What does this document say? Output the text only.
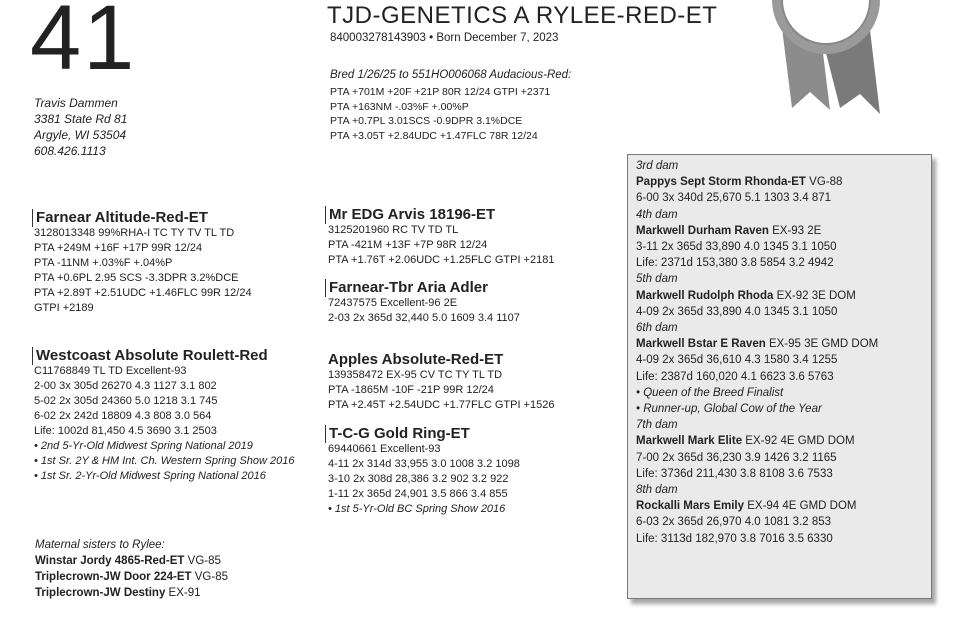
41
Travis Dammen
3381 State Rd 81
Argyle, WI 53504
608.426.1113
TJD-GENETICS A RYLEE-RED-ET
840003278143903 • Born December 7, 2023
Bred 1/26/25 to 551HO006068 Audacious-Red:
PTA +701M +20F +21P 80R 12/24 GTPI +2371
PTA +163NM -.03%F +.00%P
PTA +0.7PL 3.01SCS -0.9DPR 3.1%DCE
PTA +3.05T +2.84UDC +1.47FLC 78R 12/24
Farnear Altitude-Red-ET
3128013348 99%RHA-I TC TY TV TL TD
PTA +249M +16F +17P 99R 12/24
PTA -11NM +.03%F +.04%P
PTA +0.6PL 2.95 SCS -3.3DPR 3.2%DCE
PTA +2.89T +2.51UDC +1.46FLC 99R 12/24
GTPI +2189
Westcoast Absolute Roulett-Red
C11768849 TL TD Excellent-93
2-00 3x 305d 26270 4.3 1127 3.1 802
5-02 2x 305d 24360 5.0 1218 3.1 745
6-02 2x 242d 18809 4.3 808 3.0 564
Life: 1002d 81,450 4.5 3690 3.1 2503
• 2nd 5-Yr-Old Midwest Spring National 2019
• 1st Sr. 2Y & HM Int. Ch. Western Spring Show 2016
• 1st Sr. 2-Yr-Old Midwest Spring National 2016
Maternal sisters to Rylee:
Winstar Jordy 4865-Red-ET VG-85
Triplecrown-JW Door 224-ET VG-85
Triplecrown-JW Destiny EX-91
Mr EDG Arvis 18196-ET
3125201960 RC TV TD TL
PTA -421M +13F +7P 98R 12/24
PTA +1.76T +2.06UDC +1.25FLC GTPI +2181
Farnear-Tbr Aria Adler
72437575 Excellent-96 2E
2-03 2x 365d 32,440 5.0 1609 3.4 1107
Apples Absolute-Red-ET
139358472 EX-95 CV TC TY TL TD
PTA -1865M -10F -21P 99R 12/24
PTA +2.45T +2.54UDC +1.77FLC GTPI +1526
T-C-G Gold Ring-ET
69440661 Excellent-93
4-11 2x 314d 33,955 3.0 1008 3.2 1098
3-10 2x 308d 28,386 3.2 902 3.2 922
1-11 2x 365d 24,901 3.5 866 3.4 855
• 1st 5-Yr-Old BC Spring Show 2016
3rd dam
Pappys Sept Storm Rhonda-ET VG-88
6-00 3x 340d 25,670 5.1 1303 3.4 871
4th dam
Markwell Durham Raven EX-93 2E
3-11 2x 365d 33,890 4.0 1345 3.1 1050
Life: 2371d 153,380 3.8 5854 3.2 4942
5th dam
Markwell Rudolph Rhoda EX-92 3E DOM
4-09 2x 365d 33,890 4.0 1345 3.1 1050
6th dam
Markwell Bstar E Raven EX-95 3E GMD DOM
4-09 2x 365d 36,610 4.3 1580 3.4 1255
Life: 2387d 160,020 4.1 6623 3.6 5763
• Queen of the Breed Finalist
• Runner-up, Global Cow of the Year
7th dam
Markwell Mark Elite EX-92 4E GMD DOM
7-00 2x 365d 36,230 3.9 1426 3.2 1165
Life: 3736d 211,430 3.8 8108 3.6 7533
8th dam
Rockalli Mars Emily EX-94 4E GMD DOM
6-03 2x 365d 26,970 4.0 1081 3.2 853
Life: 3113d 182,970 3.8 7016 3.5 6330
